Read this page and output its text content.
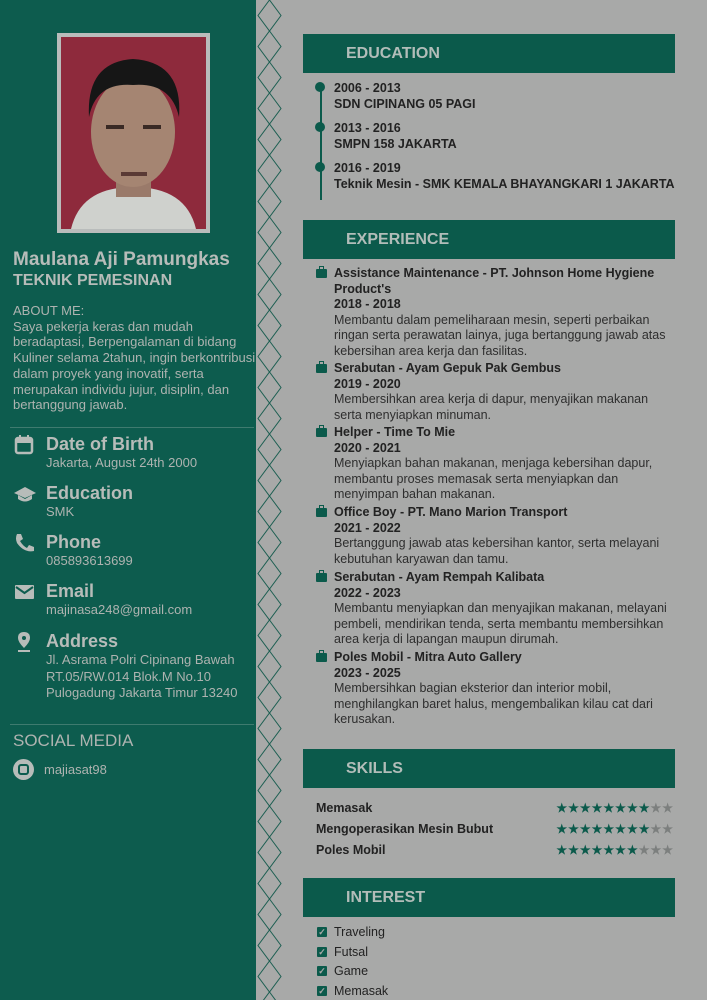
Maulana Aji Pamungkas
TEKNIK PEMESINAN
ABOUT ME:
Saya pekerja keras dan mudah beradaptasi, Berpengalaman di bidang Kuliner selama 2tahun, ingin berkontribusi dalam proyek yang inovatif, serta merupakan individu jujur, disiplin, dan bertanggung jawab.
Date of Birth
Jakarta, August 24th 2000
Education
SMK
Phone
085893613699
Email
majinasa248@gmail.com
Address
Jl. Asrama Polri Cipinang Bawah RT.05/RW.014 Blok.M No.10 Pulogadung Jakarta Timur 13240
SOCIAL MEDIA
majiasat98
EDUCATION
2006 - 2013
SDN CIPINANG 05 PAGI
2013 - 2016
SMPN 158 JAKARTA
2016 - 2019
Teknik Mesin - SMK KEMALA BHAYANGKARI 1 JAKARTA
EXPERIENCE
Assistance Maintenance - PT. Johnson Home Hygiene Product's
2018 - 2018
Membantu dalam pemeliharaan mesin, seperti perbaikan ringan serta perawatan lainya, juga bertanggung jawab atas kebersihan area kerja dan fasilitas.
Serabutan - Ayam Gepuk Pak Gembus
2019 - 2020
Membersihkan area kerja di dapur, menyajikan makanan serta menyiapkan minuman.
Helper - Time To Mie
2020 - 2021
Menyiapkan bahan makanan, menjaga kebersihan dapur, membantu proses memasak serta menyiapkan dan menyimpan bahan makanan.
Office Boy - PT. Mano Marion Transport
2021 - 2022
Bertanggung jawab atas kebersihan kantor, serta melayani kebutuhan karyawan dan tamu.
Serabutan - Ayam Rempah Kalibata
2022 - 2023
Membantu menyiapkan dan menyajikan makanan, melayani pembeli, mendirikan tenda, serta membantu membersihkan area kerja di lapangan maupun dirumah.
Poles Mobil - Mitra Auto Gallery
2023 - 2025
Membersihkan bagian eksterior dan interior mobil, menghilangkan baret halus, mengembalikan kilau cat dari kerusakan.
SKILLS
Memasak	★★★★★★★★★★
Mengoperasikan Mesin Bubut	★★★★★★★★★★
Poles Mobil	★★★★★★★★★★
INTEREST
✓ Traveling
✓ Futsal
✓ Game
✓ Memasak
